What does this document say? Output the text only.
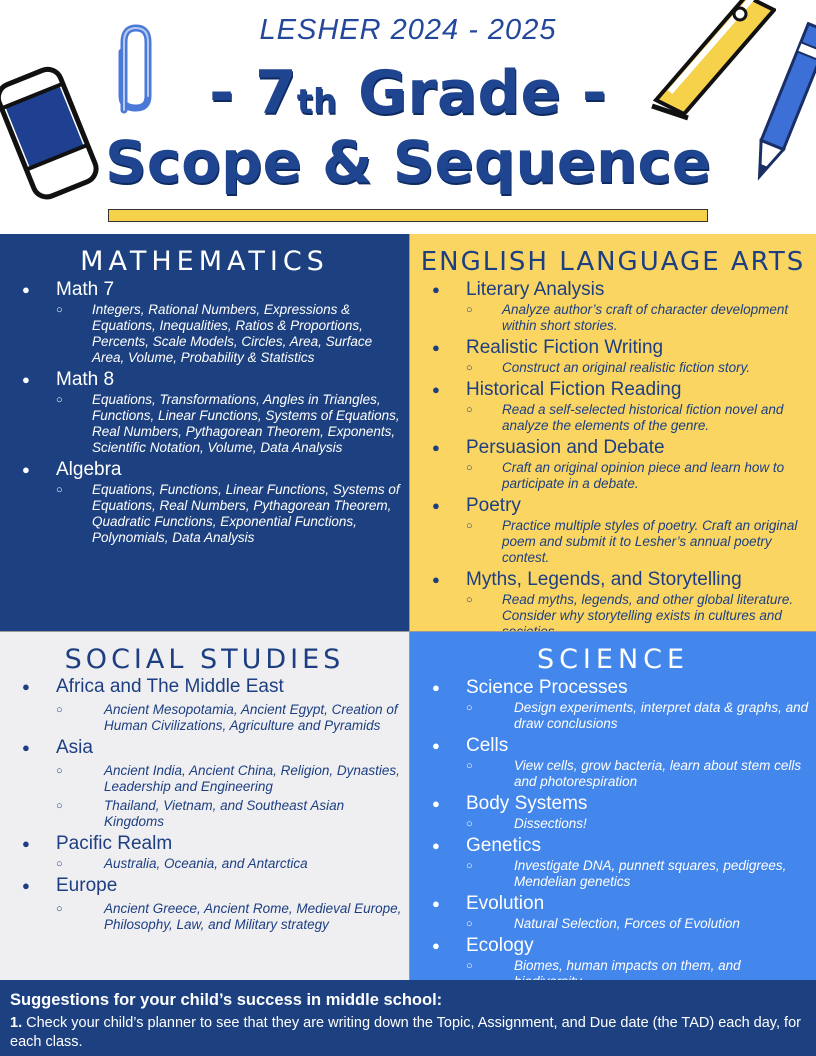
LESHER 2024 - 2025
- 7th Grade -
Scope & Sequence
MATHEMATICS
● Math 7
○ Integers, Rational Numbers, Expressions & Equations, Inequalities, Ratios & Proportions, Percents, Scale Models, Circles, Area, Surface Area, Volume, Probability & Statistics
● Math 8
○ Equations, Transformations, Angles in Triangles, Functions, Linear Functions, Systems of Equations, Real Numbers, Pythagorean Theorem, Exponents, Scientific Notation, Volume, Data Analysis
● Algebra
○ Equations, Functions, Linear Functions, Systems of Equations, Real Numbers, Pythagorean Theorem, Quadratic Functions, Exponential Functions, Polynomials, Data Analysis
ENGLISH LANGUAGE ARTS
● Literary Analysis
○ Analyze author’s craft of character development within short stories.
● Realistic Fiction Writing
○ Construct an original realistic fiction story.
● Historical Fiction Reading
○ Read a self-selected historical fiction novel and analyze the elements of the genre.
● Persuasion and Debate
○ Craft an original opinion piece and learn how to participate in a debate.
● Poetry
○ Practice multiple styles of poetry. Craft an original poem and submit it to Lesher’s annual poetry contest.
● Myths, Legends, and Storytelling
○ Read myths, legends, and other global literature. Consider why storytelling exists in cultures and
SOCIAL STUDIES
● Africa and The Middle East
○ Ancient Mesopotamia, Ancient Egypt, Creation of Human Civilizations, Agriculture and Pyramids
● Asia
○ Ancient India, Ancient China, Religion, Dynasties, Leadership and Engineering
○ Thailand, Vietnam, and Southeast Asian Kingdoms
● Pacific Realm
○ Australia, Oceania, and Antarctica
● Europe
○ Ancient Greece, Ancient Rome, Medieval Europe, Philosophy, Law, and Military strategy
SCIENCE
● Science Processes
○ Design experiments, interpret data & graphs, and draw conclusions
● Cells
○ View cells, grow bacteria, learn about stem cells and photorespiration
● Body Systems
○ Dissections!
● Genetics
○ Investigate DNA, punnett squares, pedigrees, Mendelian genetics
● Evolution
○ Natural Selection, Forces of Evolution
● Ecology
○ Biomes, human impacts on them, and
Suggestions for your child’s success in middle school:
1. Check your child’s planner to see that they are writing down the Topic, Assignment, and Due date (the TAD) each day, for each class.
